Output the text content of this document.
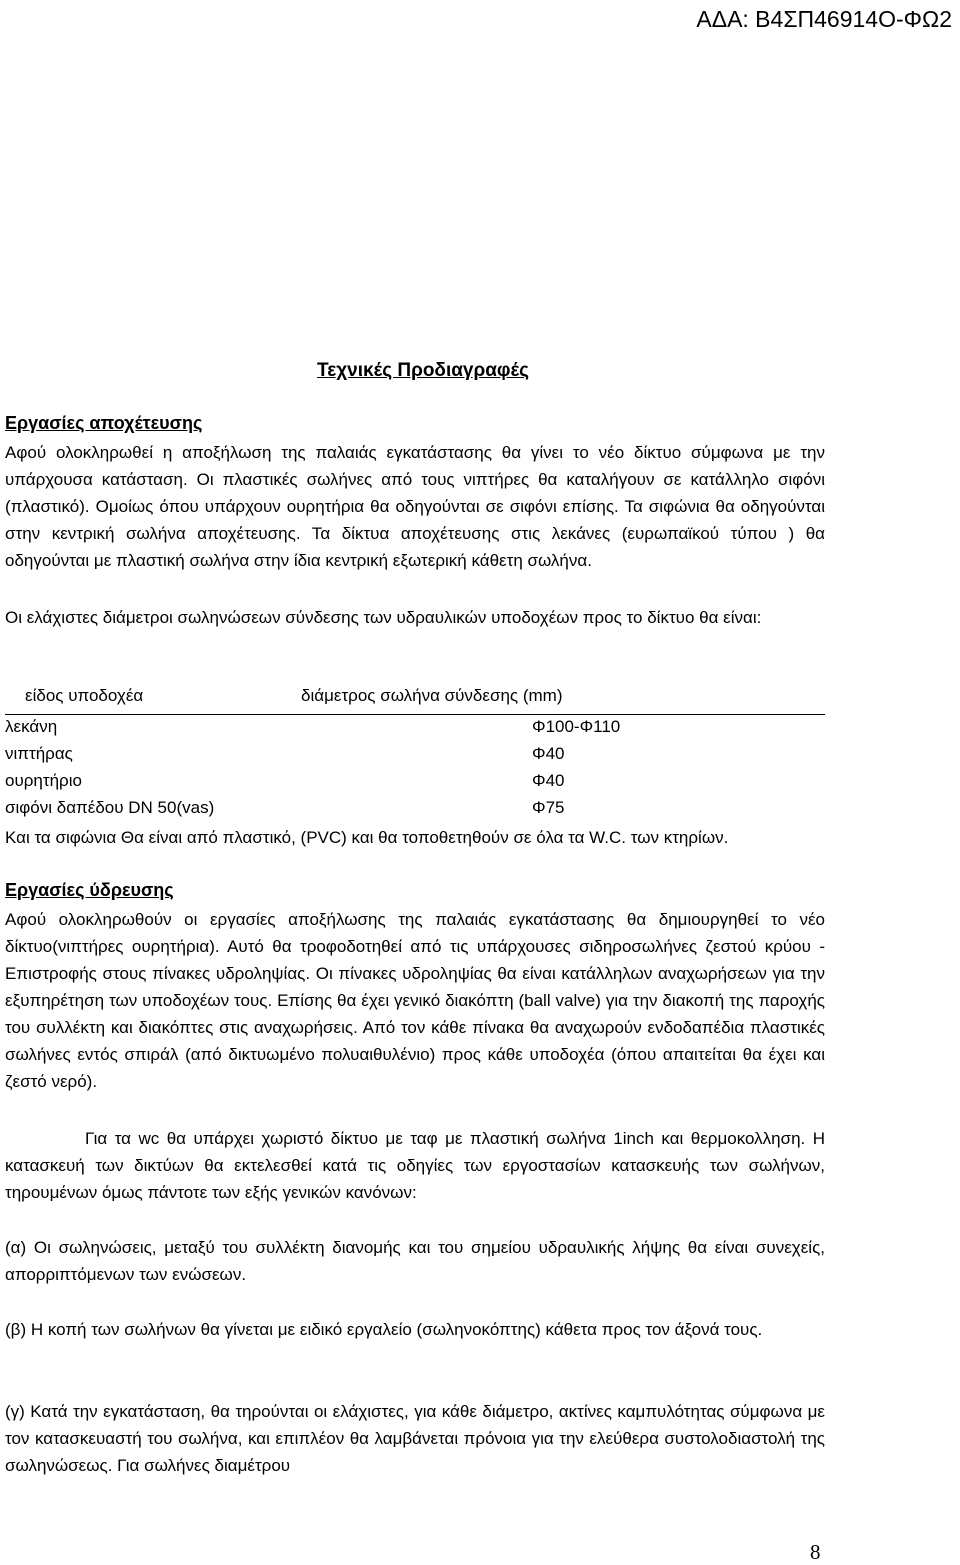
ΑΔΑ: Β4ΣΠ46914Ο-ΦΩ2
Τεχνικές Προδιαγραφές
Εργασίες αποχέτευσης
Αφού ολοκληρωθεί η αποξήλωση της παλαιάς εγκατάστασης θα γίνει το νέο δίκτυο σύμφωνα με την υπάρχουσα κατάσταση. Οι πλαστικές σωλήνες από τους νιπτήρες θα καταλήγουν σε κατάλληλο σιφόνι (πλαστικό). Ομοίως όπου υπάρχουν ουρητήρια θα οδηγούνται σε σιφόνι επίσης. Τα σιφώνια θα οδηγούνται στην κεντρική σωλήνα αποχέτευσης. Τα δίκτυα αποχέτευσης στις λεκάνες (ευρωπαϊκού τύπου ) θα οδηγούνται με πλαστική σωλήνα στην ίδια κεντρική εξωτερική κάθετη σωλήνα.
Οι ελάχιστες διάμετροι σωληνώσεων σύνδεσης των υδραυλικών υποδοχέων προς το δίκτυο θα είναι:
είδος υποδοχέα	διάμετρος σωλήνα σύνδεσης (mm)
λεκάνη	Φ100-Φ110
νιπτήρας	Φ40
ουρητήριο	Φ40
σιφόνι δαπέδου DN 50(vas)	Φ75
Και τα σιφώνια Θα είναι από πλαστικό, (PVC) και θα τοποθετηθούν σε όλα τα W.C. των κτηρίων.
Εργασίες ύδρευσης
Αφού ολοκληρωθούν οι εργασίες αποξήλωσης της παλαιάς εγκατάστασης θα δημιουργηθεί το νέο δίκτυο(νιπτήρες ουρητήρια). Αυτό θα τροφοδοτηθεί από τις υπάρχουσες σιδηροσωλήνες ζεστού κρύου - Επιστροφής στους πίνακες υδροληψίας. Οι πίνακες υδροληψίας θα είναι κατάλληλων αναχωρήσεων για την εξυπηρέτηση των υποδοχέων τους. Επίσης θα έχει γενικό διακόπτη (ball valve) για την διακοπή της παροχής του συλλέκτη και διακόπτες στις αναχωρήσεις. Από τον κάθε πίνακα θα αναχωρούν ενδοδαπέδια πλαστικές σωλήνες εντός σπιράλ (από δικτυωμένο πολυαιθυλένιο) προς κάθε υποδοχέα (όπου απαιτείται θα έχει και ζεστό νερό).
Για τα wc θα υπάρχει χωριστό δίκτυο με ταφ με πλαστική σωλήνα 1inch και θερμοκολληση. Η κατασκευή των δικτύων θα εκτελεσθεί κατά τις οδηγίες των εργοστασίων κατασκευής των σωλήνων, τηρουμένων όμως πάντοτε των εξής γενικών κανόνων:
(α) Οι σωληνώσεις, μεταξύ του συλλέκτη διανομής και του σημείου υδραυλικής λήψης θα είναι συνεχείς, απορριπτόμενων των ενώσεων.
(β) Η κοπή των σωλήνων θα γίνεται με ειδικό εργαλείο (σωληνοκόπτης) κάθετα προς τον άξονά τους.
(γ) Κατά την εγκατάσταση, θα τηρούνται οι ελάχιστες, για κάθε διάμετρο, ακτίνες καμπυλότητας σύμφωνα με τον κατασκευαστή του σωλήνα, και επιπλέον θα λαμβάνεται πρόνοια για την ελεύθερα συστολοδιαστολή της σωληνώσεως. Για σωλήνες διαμέτρου
8
